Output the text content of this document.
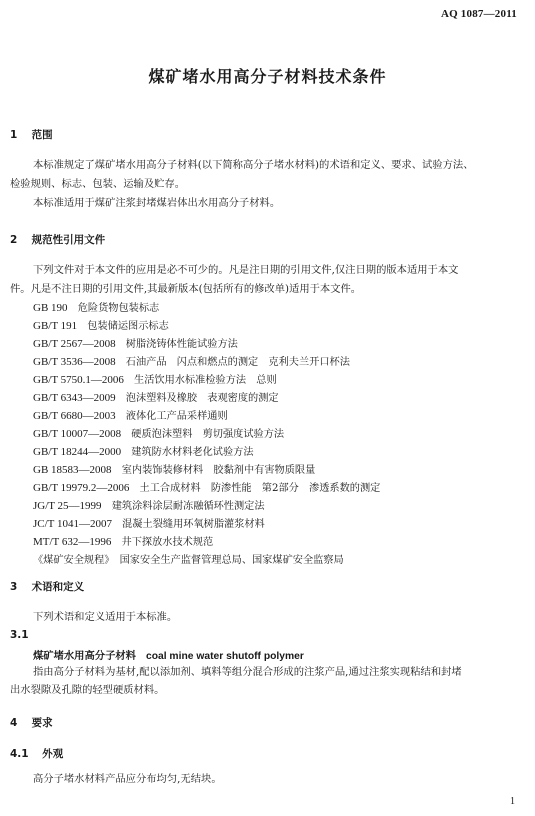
AQ 1087—2011
煤矿堵水用高分子材料技术条件
1 范围
本标准规定了煤矿堵水用高分子材料(以下简称高分子堵水材料)的术语和定义、要求、试验方法、
检验规则、标志、包装、运输及贮存。
本标准适用于煤矿注浆封堵煤岩体出水用高分子材料。
2 规范性引用文件
下列文件对于本文件的应用是必不可少的。凡是注日期的引用文件,仅注日期的版本适用于本文
件。凡是不注日期的引用文件,其最新版本(包括所有的修改单)适用于本文件。
GB 190　 危险货物包装标志
GB/T 191　 包装储运图示标志
GB/T 2567—2008　 树脂浇铸体性能试验方法
GB/T 3536—2008　 石油产品　闪点和燃点的测定　克利夫兰开口杯法
GB/T 5750.1—2006　 生活饮用水标准检验方法　总则
GB/T 6343—2009　 泡沫塑料及橡胶　表观密度的测定
GB/T 6680—2003　 液体化工产品采样通则
GB/T 10007—2008　 硬质泡沫塑料　剪切强度试验方法
GB/T 18244—2000　 建筑防水材料老化试验方法
GB 18583—2008　 室内装饰装修材料　胶黏剂中有害物质限量
GB/T 19979.2—2006　 土工合成材料　防渗性能　第2部分　渗透系数的测定
JG/T 25—1999　 建筑涂料涂层耐冻融循环性测定法
JC/T 1041—2007　 混凝土裂缝用环氧树脂灌浆材料
MT/T 632—1996　 井下探放水技术规范
《煤矿安全规程》　 国家安全生产监督管理总局、国家煤矿安全监察局
3 术语和定义
下列术语和定义适用于本标准。
3.1
煤矿堵水用高分子材料 coal mine water shutoff polymer
指由高分子材料为基材,配以添加剂、填料等组分混合形成的注浆产品,通过注浆实现粘结和封堵
出水裂隙及孔隙的轻型硬质材料。
4 要求
4.1 外观
高分子堵水材料产品应分布均匀,无结块。
1
